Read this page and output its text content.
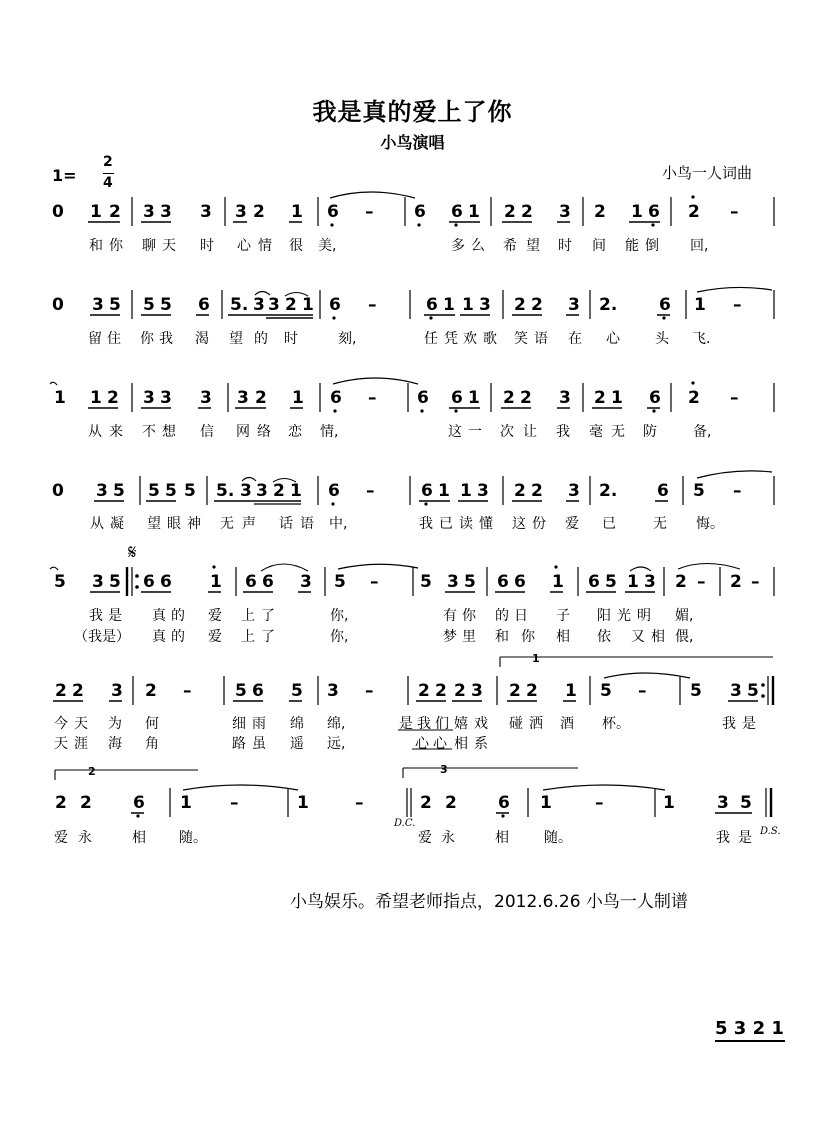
我是真的爱上了你
小鸟演唱
1=
2
4
小鸟一人词曲
𝄋
0 1 2 3 3 3 3 2 1 6 – 6 6 1 2 2 3 2 1 6 2 –
0 3 5 5 5 6 5. 3 3 2 1 6 –	6 1 1 3 2 2 3 2. 6 1 –
1 1 2 3 3 3 3 2 1 6 – 6 6 1 2 2 3 2 1 6 2 –
0 3 5 5 5 5 5. 3 3 2 1 6 –	6 1 1 3 2 2 3 2. 6 5 –
5 3 5 6 6 1 6 6 3 5 – 5 3 5 6 6 1 6 5 1 3 2 – 2 –
1
2 2 3 2 –	5 6 5 3 –	2 2 2 3 2 2 1 5 –	5 3 5
2	3
2 2 6 1 –	1	–
D.C.
2 2 6 1	–	1 3 5
D.S.
和 你 聊 天 时 心 情 很 美,	多 么 希 望 时 间 能 倒 回,
留 住 你 我 渴 望 的 时	刻,	任 凭 欢 歌 笑 语 在 心	头 飞.
从 来 不 想 信 网 络 恋 情,	这 一 次 让 我 毫 无 防	备,
从 凝 望 眼 神 无 声 话 语 中,	我 已 读 懂 这 份 爱 已	无 悔。
我 是 真 的 爱 上 了	你,	有 你 的 日 子 阳 光 明 媚,
（我是） 真 的 爱 上 了	你,	梦 里 和 你 相 依 又 相 偎,
今 天 为 何	细 雨 绵 绵,	是 我 们 嬉 戏 碰 洒 酒 杯。	我 是
天 涯 海 角	路 虽 遥 远,	心 心 相 系
爱 永	相 随。	爱 永	相	随。	我 是
小鸟娱乐。希望老师指点，2012.6.26 小鸟一人制谱
5 3 2 1
